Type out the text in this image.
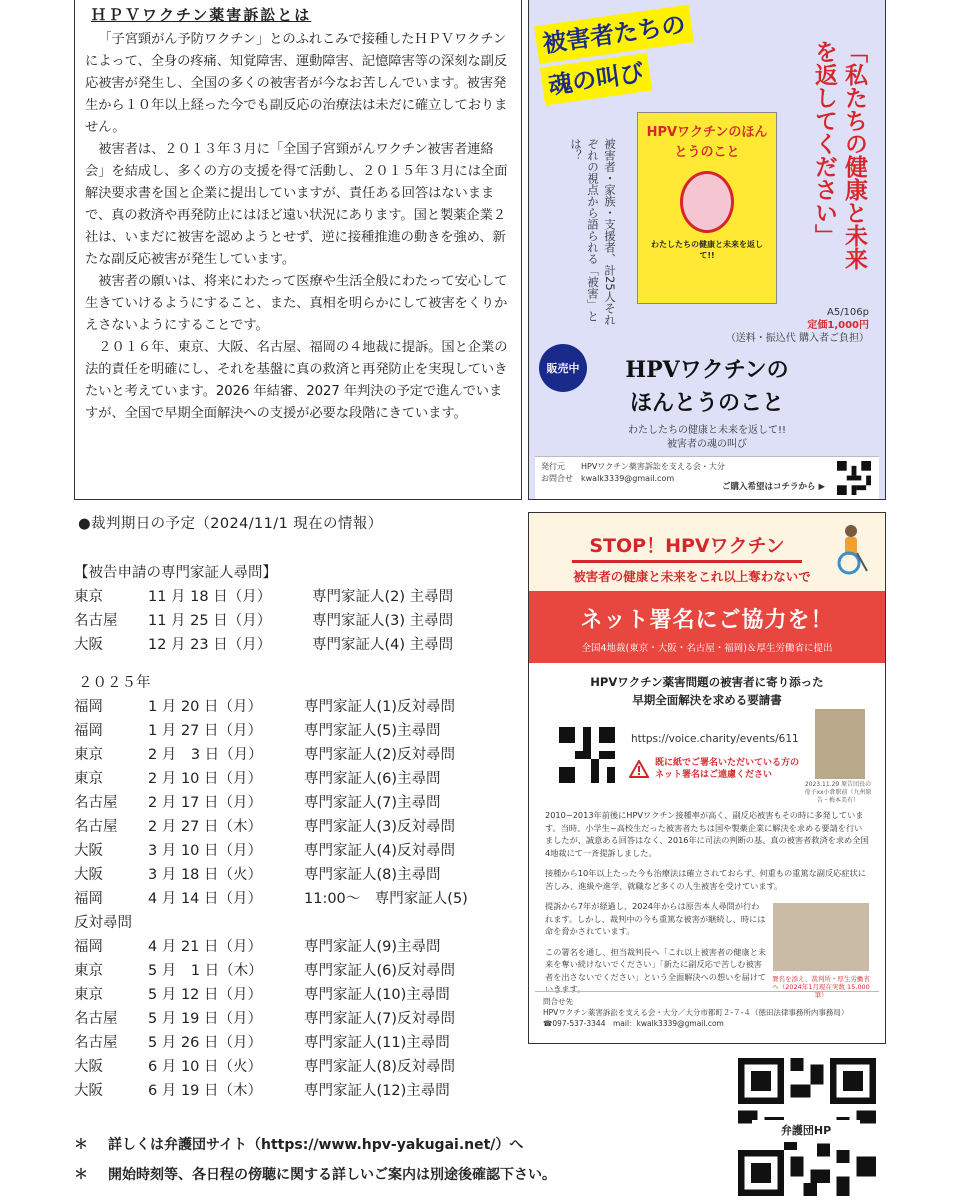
ＨＰＶワクチン薬害訴訟とは

「子宮頸がん予防ワクチン」とのふれこみで接種したＨＰＶワクチンによって、全身の疼痛、知覚障害、運動障害、記憶障害等の深刻な副反応被害が発生し、全国の多くの被害者が今なお苦しんでいます。被害発生から１０年以上経った今でも副反応の治療法は未だに確立しておりません。

被害者は、２０１３年３月に「全国子宮頸がんワクチン被害者連絡会」を結成し、多くの方の支援を得て活動し、２０１５年３月には全面解決要求書を国と企業に提出していますが、責任ある回答はないままで、真の救済や再発防止にはほど遠い状況にあります。国と製薬企業２社は、いまだに被害を認めようとせず、逆に接種推進の動きを強め、新たな副反応被害が発生しています。

被害者の願いは、将来にわたって医療や生活全般にわたって安心して生きていけるようにすること、また、真相を明らかにして被害をくりかえさないようにすることです。

２０１６年、東京、大阪、名古屋、福岡の４地裁に提訴。国と企業の法的責任を明確にし、それを基盤に真の救済と再発防止を実現していきたいと考えています。2026 年結審、2027 年判決の予定で進んでいますが、全国で早期全面解決への支援が必要な段階にきています。

被害者たちの
魂の叫び	「私たちの健康と未来を返してください」
被害者・家族・支援者、計25人それぞれの視点から語られる「被害」とは？
HPVワクチンのほんとうのこと
わたしたちの健康と未来を返して!!
A5/106p
定価1,000円
（送料・振込代 購入者ご負担）
販売中	HPVワクチンの
ほんとうのこと
わたしたちの健康と未来を返して!!
被害者の魂の叫び
発行元　　HPVワクチン薬害訴訟を支える会・大分
お問合せ　kwalk3339@gmail.com
ご購入希望はコチラから ▶
●裁判期日の予定（2024/11/1 現在の情報）
【被告申請の専門家証人尋問】
東京	11 月 18 日（月）	専門家証人(2) 主尋問
名古屋	11 月 25 日（月）	専門家証人(3) 主尋問
大阪	12 月 23 日（月）	専門家証人(4) 主尋問
２０２５年
福岡	1 月 20 日（月）	専門家証人(1)反対尋問
福岡	1 月 27 日（月）	専門家証人(5)主尋問
東京	2 月　3 日（月）	専門家証人(2)反対尋問
東京	2 月 10 日（月）	専門家証人(6)主尋問
名古屋	2 月 17 日（月）	専門家証人(7)主尋問
名古屋	2 月 27 日（木）	専門家証人(3)反対尋問
大阪	3 月 10 日（月）	専門家証人(4)反対尋問
大阪	3 月 18 日（火）	専門家証人(8)主尋問
福岡	4 月 14 日（月）	11:00～　専門家証人(5)
反対尋問
福岡	4 月 21 日（月）	専門家証人(9)主尋問
東京	5 月　1 日（木）	専門家証人(6)反対尋問
東京	5 月 12 日（月）	専門家証人(10)主尋問
名古屋	5 月 19 日（月）	専門家証人(7)反対尋問
名古屋	5 月 26 日（月）	専門家証人(11)主尋問
大阪	6 月 10 日（火）	専門家証人(8)反対尋問
大阪	6 月 19 日（木）	専門家証人(12)主尋問
STOP！HPVワクチン
被害者の健康と未来をこれ以上奪わないで
ネット署名にご協力を！
全国4地裁(東京・大阪・名古屋・福岡)＆厚生労働省に提出
HPVワクチン薬害問題の被害者に寄り添った
早期全面解決を求める要請書
https://voice.charity/events/611
既に紙でご署名いただいている方の
ネット署名はご遠慮ください
2023.11.29 原告団長の母子xx小倉駅前（九州原告・梅本美有）

2010~2013年前後にHPVワクチン接種率が高く、副反応被害もその時に多発しています。当時、小学生~高校生だった被害者たちは国や製薬企業に解決を求める要請を行いましたが、誠意ある回答はなく、2016年に司法の判断の基、真の被害者救済を求め全国4地裁にて一斉提訴しました。

接種から10年以上たった今も治療法は確立されておらず、何重もの重篤な副反応症状に苦しみ、進級や進学、就職など多くの人生被害を受けています。

提訴から7年が経過し、2024年からは原告本人尋問が行われます。しかし、裁判中の今も重篤な被害が継続し、時には命を脅かされています。

この署名を通し、担当裁判長へ「これ以上被害者の健康と未来を奪い続けないでください」「新たに副反応で苦しむ被害者を出さないでください」という全面解決への想いを届けていきます。

署名を添え、裁判所・厚生労働省へ（2024年1月現在実数 15,000 筆）
問合せ先
HPVワクチン薬害訴訟を支える会・大分／大分市都町２-７-４（徳田法律事務所内事務局）
☎097-537-3344　mail：kwalk3339@gmail.com
＊	詳しくは弁護団サイト（https://www.hpv-yakugai.net/）へ
＊	開始時刻等、各日程の傍聴に関する詳しいご案内は別途後確認下さい。
弁護団HP
